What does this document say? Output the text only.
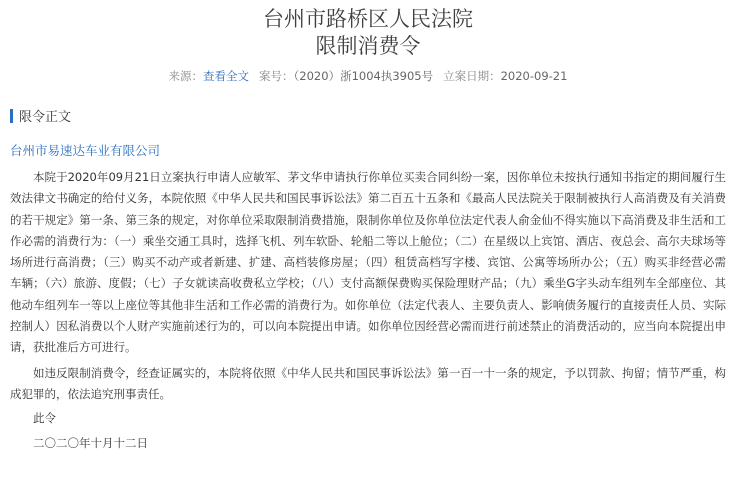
台州市路桥区人民法院
限制消费令
来源：查看全文 案号：（2020）浙1004执3905号 立案日期：2020-09-21
限令正文
台州市易速达车业有限公司

本院于2020年09月21日立案执行申请人应敏军、茅文华申请执行你单位买卖合同纠纷一案，因你单位未按执行通知书指定的期间履行生效法律文书确定的给付义务，本院依照《中华人民共和国民事诉讼法》第二百五十五条和《最高人民法院关于限制被执行人高消费及有关消费的若干规定》第一条、第三条的规定，对你单位采取限制消费措施，限制你单位及你单位法定代表人俞金仙不得实施以下高消费及非生活和工作必需的消费行为：（一）乘坐交通工具时，选择飞机、列车软卧、轮船二等以上舱位；（二）在星级以上宾馆、酒店、夜总会、高尔夫球场等场所进行高消费；（三）购买不动产或者新建、扩建、高档装修房屋；（四）租赁高档写字楼、宾馆、公寓等场所办公；（五）购买非经营必需车辆；（六）旅游、度假；（七）子女就读高收费私立学校；（八）支付高额保费购买保险理财产品；（九）乘坐G字头动车组列车全部座位、其他动车组列车一等以上座位等其他非生活和工作必需的消费行为。如你单位（法定代表人、主要负责人、影响债务履行的直接责任人员、实际控制人）因私消费以个人财产实施前述行为的，可以向本院提出申请。如你单位因经营必需而进行前述禁止的消费活动的，应当向本院提出申请，获批准后方可进行。

如违反限制消费令，经查证属实的，本院将依照《中华人民共和国民事诉讼法》第一百一十一条的规定，予以罚款、拘留；情节严重，构成犯罪的，依法追究刑事责任。

此令

二〇二〇年十月十二日
